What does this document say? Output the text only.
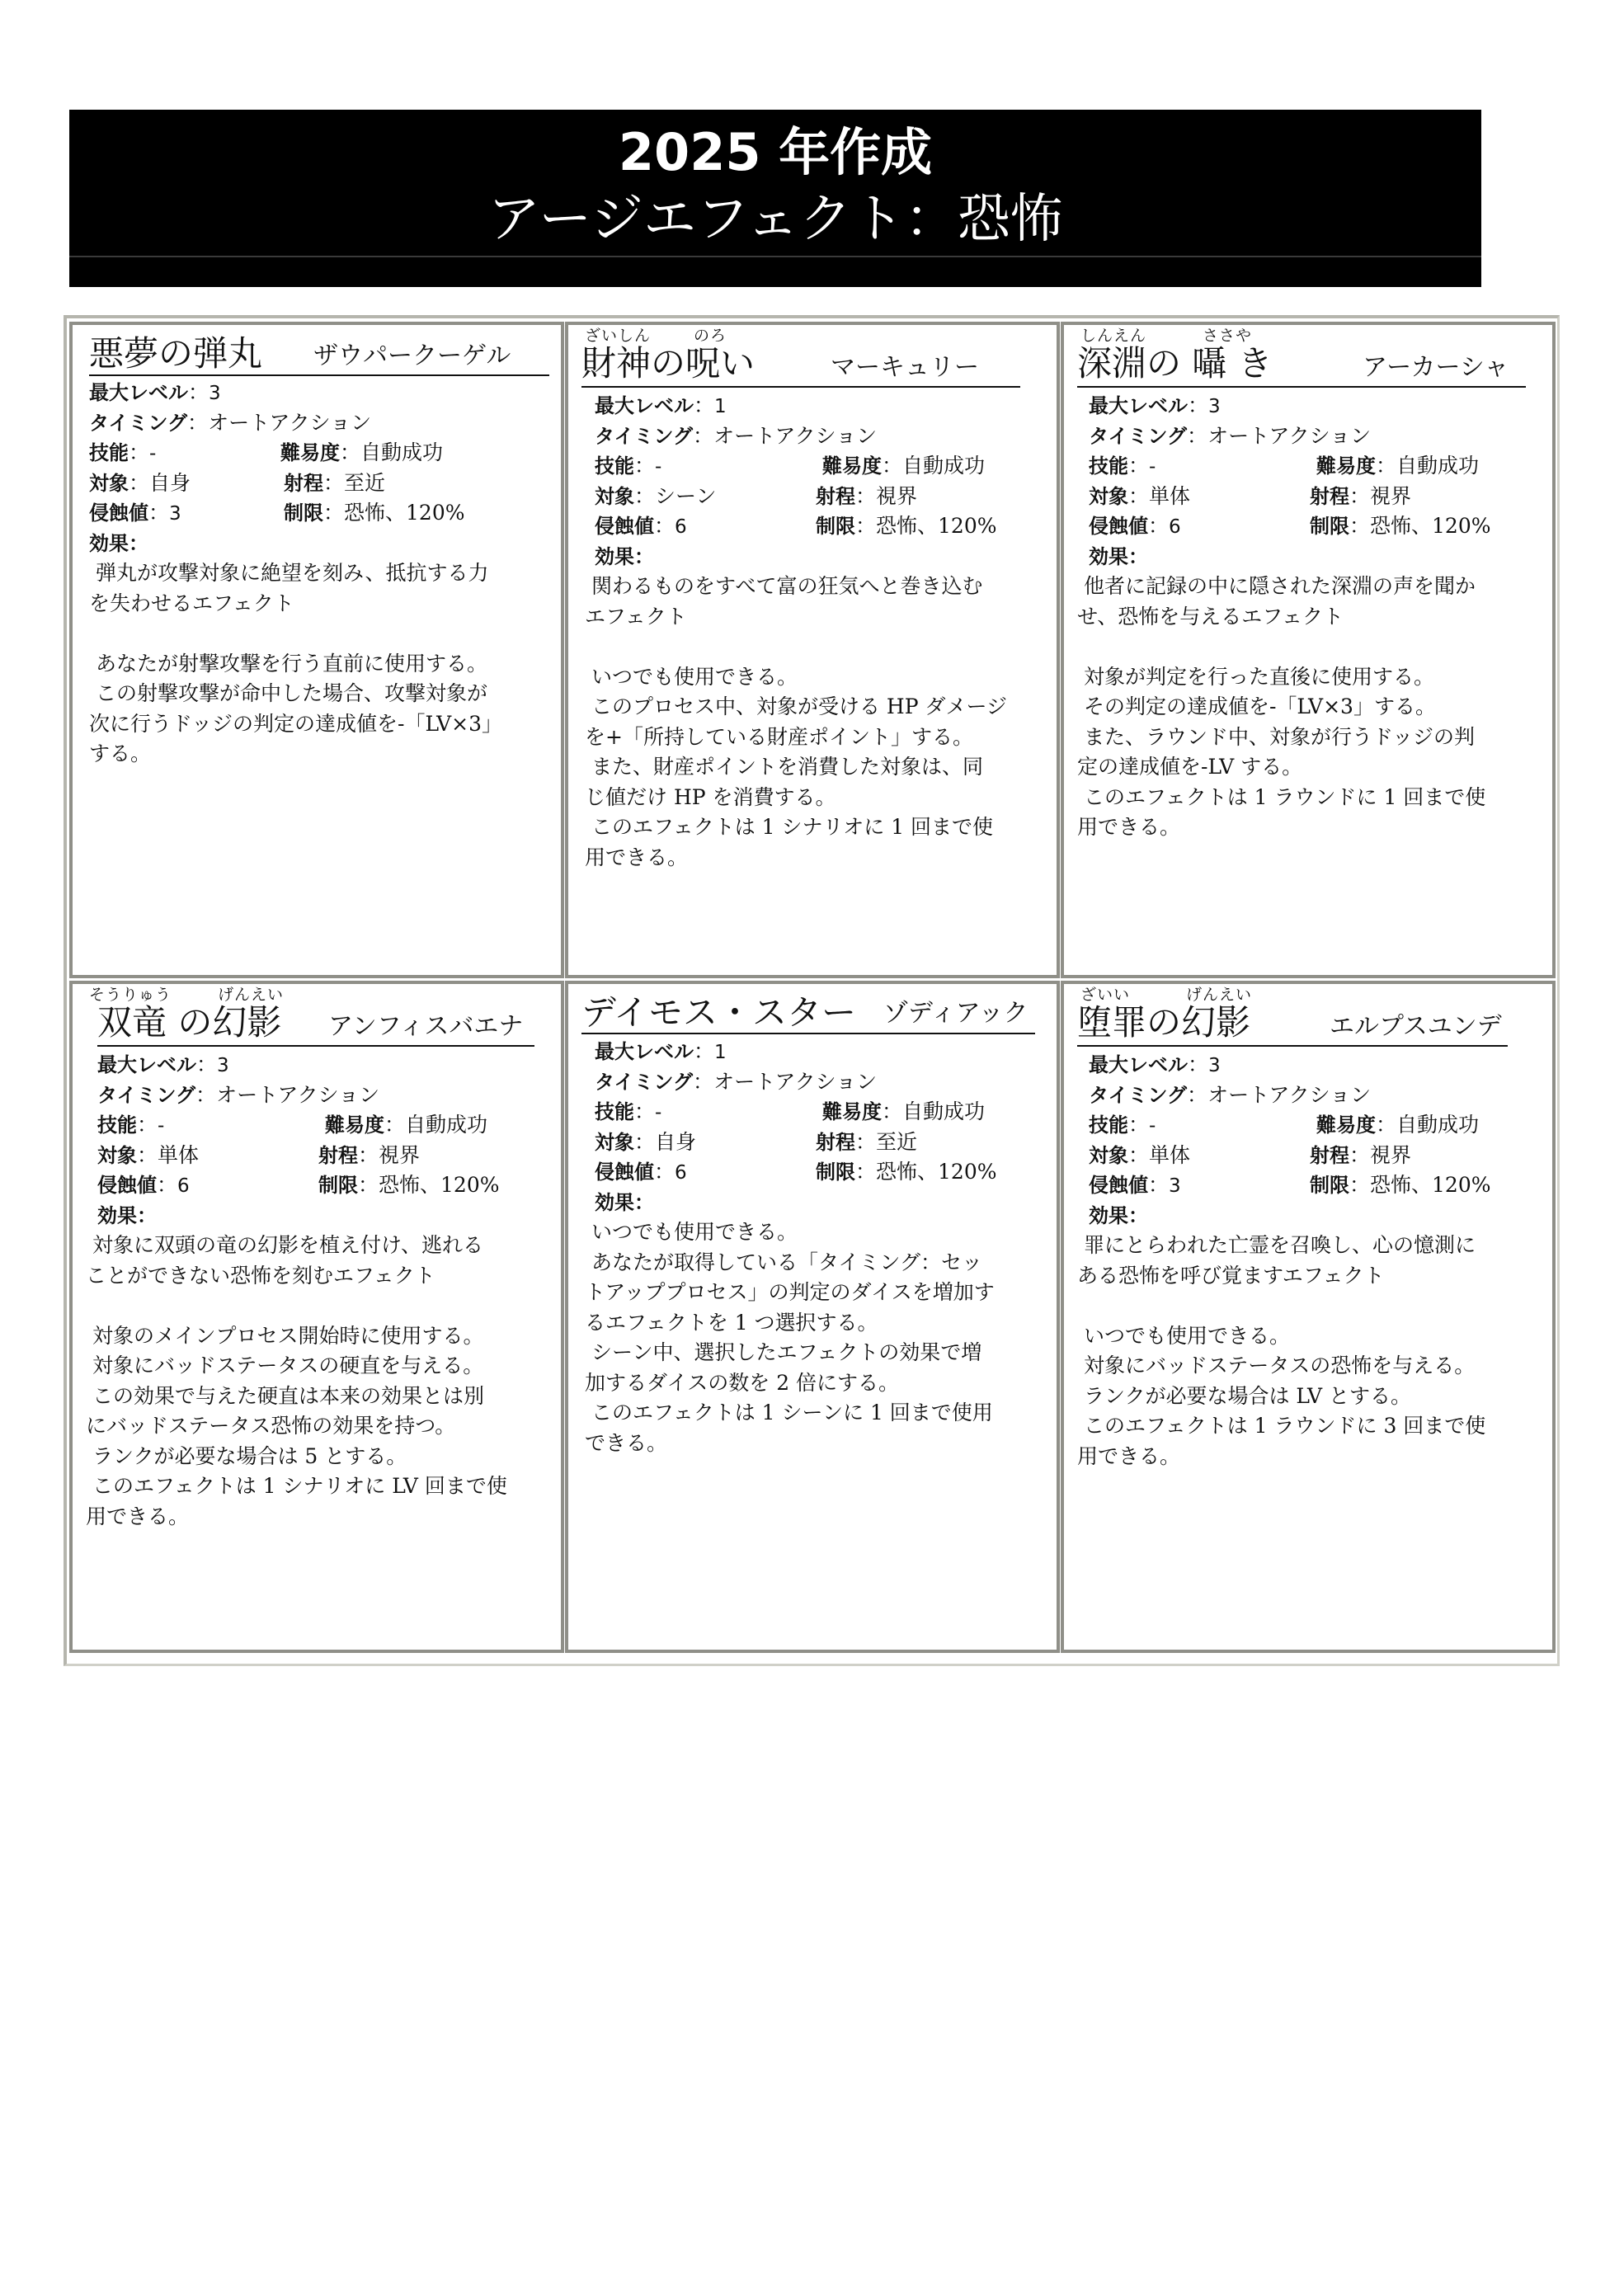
2025 年作成
アージエフェクト：恐怖
悪夢の弾丸 ザウパークーゲル
最大レベル：3
タイミング：オートアクション
技能：-	難易度：自動成功
対象：自身	射程：至近
侵蝕値：3	制限：恐怖、120%
効果：
弾丸が攻撃対象に絶望を刻み、抵抗する力
を失わせるエフェクト

あなたが射撃攻撃を行う直前に使用する。
この射撃攻撃が命中した場合、攻撃対象が
次に行うドッジの判定の達成値を-「LV×3」
する。
ざいしん	のろ
財神の呪い	マーキュリー
最大レベル：1
タイミング：オートアクション
技能：-	難易度：自動成功
対象：シーン	射程：視界
侵蝕値：6	制限：恐怖、120%
効果：
関わるものをすべて富の狂気へと巻き込む
エフェクト

いつでも使用できる。
このプロセス中、対象が受ける HP ダメージ
を+「所持している財産ポイント」する。
また、財産ポイントを消費した対象は、同
じ値だけ HP を消費する。
このエフェクトは 1 シナリオに 1 回まで使
用できる。
しんえん	ささや
深淵の 囁 き	アーカーシャ
最大レベル：3
タイミング：オートアクション
技能：-	難易度：自動成功
対象：単体	射程：視界
侵蝕値：6	制限：恐怖、120%
効果：
他者に記録の中に隠された深淵の声を聞か
せ、恐怖を与えるエフェクト

対象が判定を行った直後に使用する。
その判定の達成値を-「LV×3」する。
また、ラウンド中、対象が行うドッジの判
定の達成値を-LV する。
このエフェクトは 1 ラウンドに 1 回まで使
用できる。
そうりゅう	げんえい
双竜 の幻影 アンフィスバエナ
最大レベル：3
タイミング：オートアクション
技能：-	難易度：自動成功
対象：単体	射程：視界
侵蝕値：6	制限：恐怖、120%
効果：
対象に双頭の竜の幻影を植え付け、逃れる
ことができない恐怖を刻むエフェクト

対象のメインプロセス開始時に使用する。
対象にバッドステータスの硬直を与える。
この効果で与えた硬直は本来の効果とは別
にバッドステータス恐怖の効果を持つ。
ランクが必要な場合は 5 とする。
このエフェクトは 1 シナリオに LV 回まで使
用できる。
デイモス・スター ゾディアック
最大レベル：1
タイミング：オートアクション
技能：-	難易度：自動成功
対象：自身	射程：至近
侵蝕値：6	制限：恐怖、120%
効果：
いつでも使用できる。
あなたが取得している「タイミング：セッ
トアッププロセス」の判定のダイスを増加す
るエフェクトを 1 つ選択する。
シーン中、選択したエフェクトの効果で増
加するダイスの数を 2 倍にする。
このエフェクトは 1 シーンに 1 回まで使用
できる。
ざいい	げんえい
堕罪の幻影	エルプスユンデ
最大レベル：3
タイミング：オートアクション
技能：-	難易度：自動成功
対象：単体	射程：視界
侵蝕値：3	制限：恐怖、120%
効果：
罪にとらわれた亡霊を召喚し、心の憶測に
ある恐怖を呼び覚ますエフェクト

いつでも使用できる。
対象にバッドステータスの恐怖を与える。
ランクが必要な場合は LV とする。
このエフェクトは 1 ラウンドに 3 回まで使
用できる。
